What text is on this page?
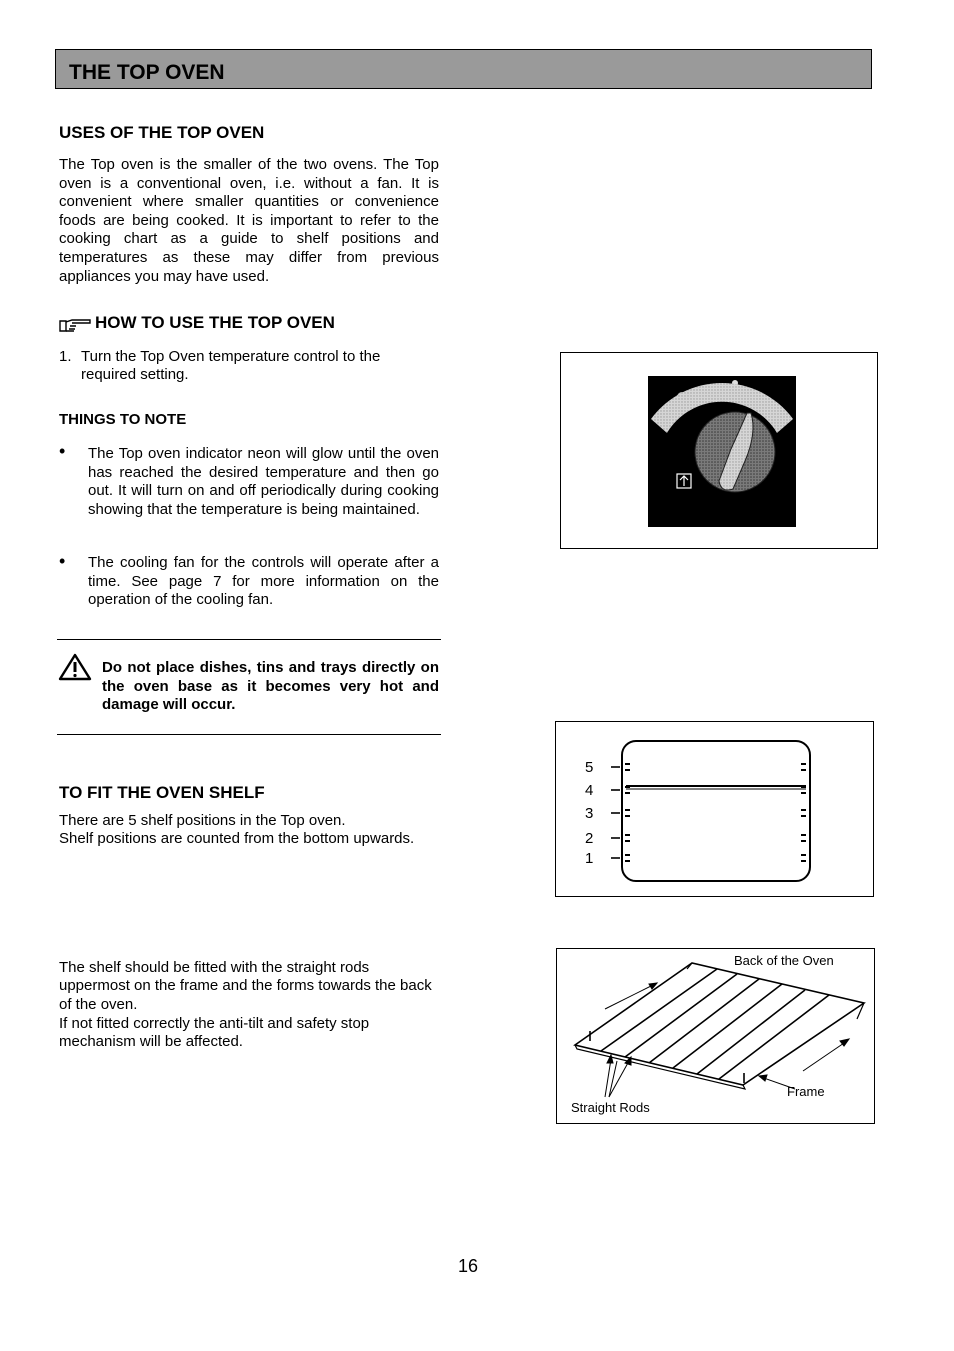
THE TOP OVEN
USES OF THE TOP OVEN
The Top oven is the smaller of the two ovens. The Top oven is a conventional oven, i.e. without a fan. It is convenient where smaller quantities or convenience foods are being cooked. It is important to refer to the cooking chart as a guide to shelf positions and temperatures as these may differ from previous appliances you may have used.
HOW TO USE THE TOP OVEN
1. Turn the Top Oven temperature control to the required setting.
THINGS TO NOTE
• The Top oven indicator neon will glow until the oven has reached the desired temperature and then go out. It will turn on and off periodically during cooking showing that the temperature is being maintained.
• The cooling fan for the controls will operate after a time. See page 7 for more information on the operation of the cooling fan.
Do not place dishes, tins and trays directly on the oven base as it becomes very hot and damage will occur.
TO FIT THE OVEN SHELF
There are 5 shelf positions in the Top oven.
Shelf positions are counted from the bottom upwards.
The shelf should be fitted with the straight rods uppermost on the frame and the forms towards the back of the oven.
If not fitted correctly the anti-tilt and safety stop mechanism will be affected.
5
4
3
2
1
Back of the Oven
Frame
Straight Rods
16
